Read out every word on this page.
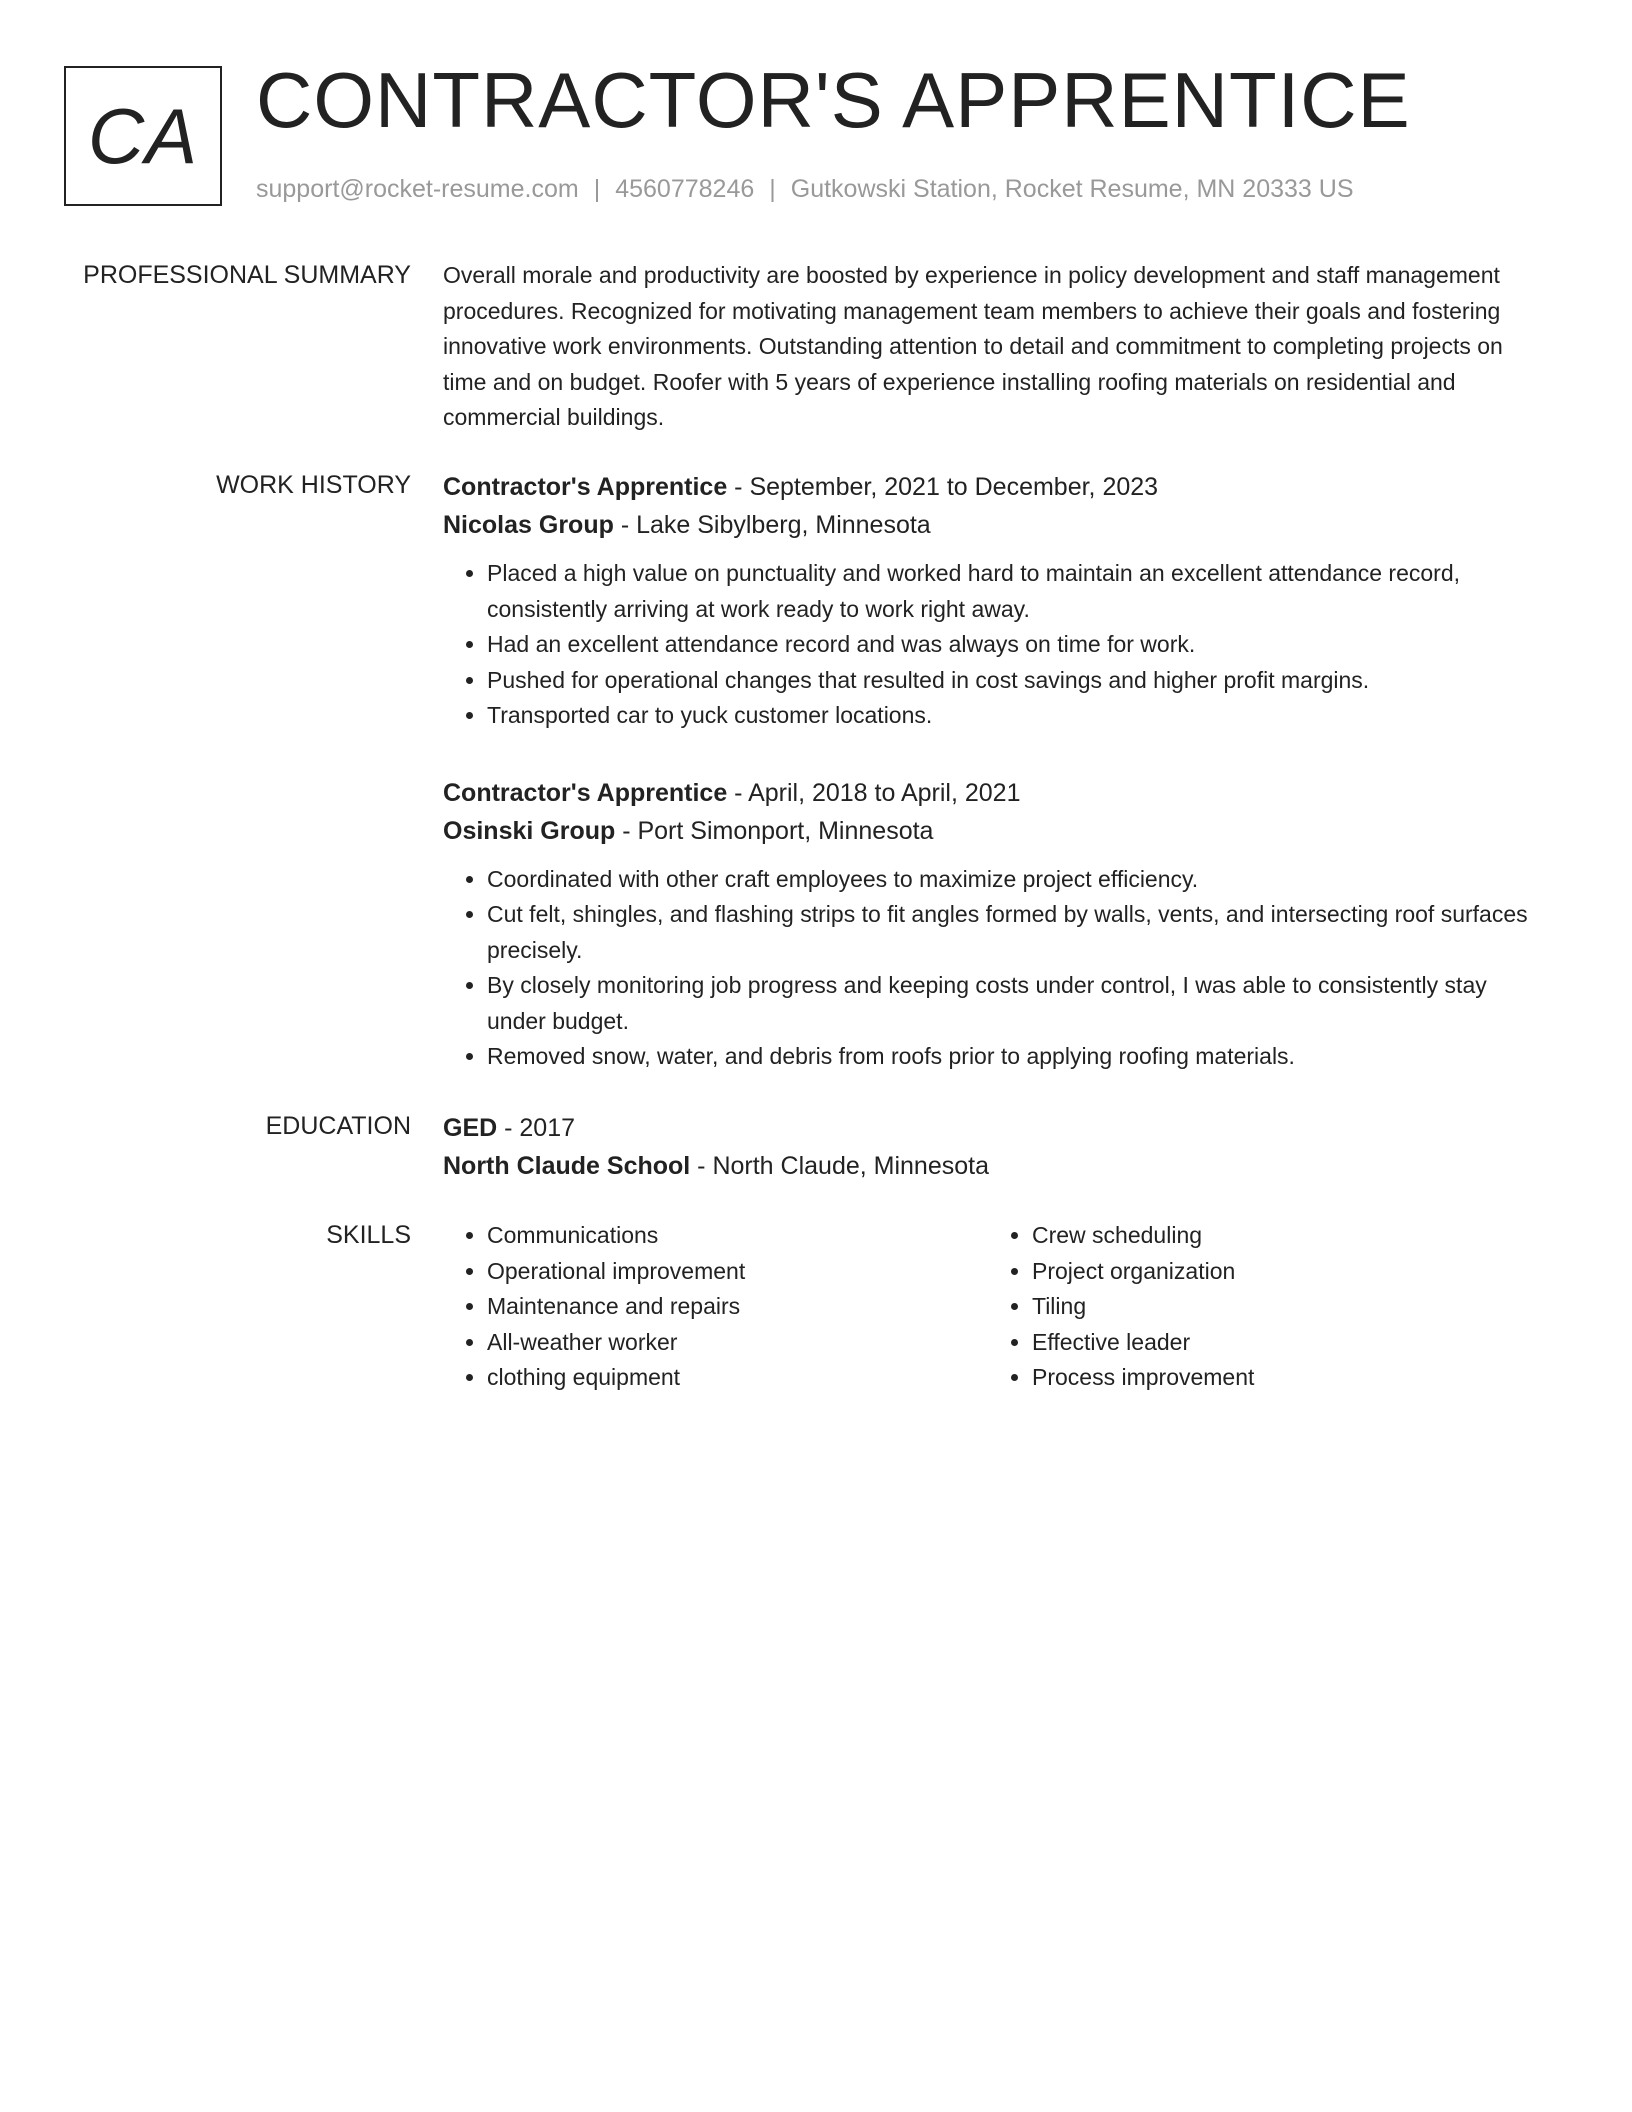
CA CONTRACTOR'S APPRENTICE
support@rocket-resume.com | 4560778246 | Gutkowski Station, Rocket Resume, MN 20333 US
PROFESSIONAL SUMMARY Overall morale and productivity are boosted by experience in policy development and staff management procedures. Recognized for motivating management team members to achieve their goals and fostering innovative work environments. Outstanding attention to detail and commitment to completing projects on time and on budget. Roofer with 5 years of experience installing roofing materials on residential and commercial buildings.

WORK HISTORY Contractor's Apprentice - September, 2021 to December, 2023
Nicolas Group - Lake Sibylberg, Minnesota
• Placed a high value on punctuality and worked hard to maintain an excellent attendance record, consistently arriving at work ready to work right away.
• Had an excellent attendance record and was always on time for work.
• Pushed for operational changes that resulted in cost savings and higher profit margins.
• Transported car to yuck customer locations.
Contractor's Apprentice - April, 2018 to April, 2021
Osinski Group - Port Simonport, Minnesota
• Coordinated with other craft employees to maximize project efficiency.
• Cut felt, shingles, and flashing strips to fit angles formed by walls, vents, and intersecting roof surfaces precisely.
• By closely monitoring job progress and keeping costs under control, I was able to consistently stay under budget.
• Removed snow, water, and debris from roofs prior to applying roofing materials.
EDUCATION GED - 2017
North Claude School - North Claude, Minnesota
SKILLS
•	Communications
• Operational improvement
• Maintenance and repairs
• All-weather worker
• clothing equipment
• Crew scheduling
• Project organization
• Tiling
• Effective leader
• Process improvement
